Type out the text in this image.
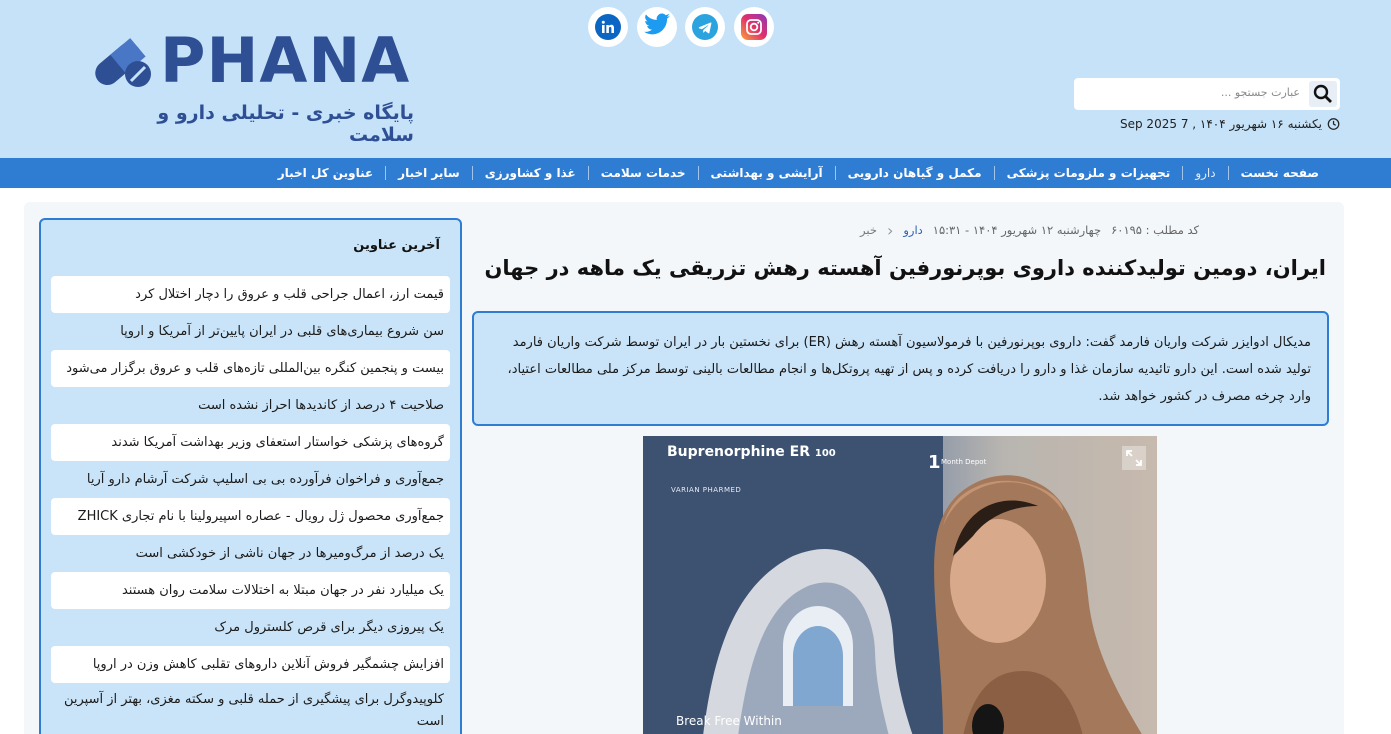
PHANA
پایگاه خبری - تحلیلی دارو و سلامت
عبارت جستجو ...
یکشنبه ۱۶ شهریور ۱۴۰۴ , 7 Sep 2025
صفحه نخست
دارو
تجهیزات و ملزومات پزشکی
مکمل و گیاهان دارویی
آرایشی و بهداشتی
خدمات سلامت
غذا و کشاورزی
سایر اخبار
عناوین کل اخبار
آخرین عناوین
قیمت ارز، اعمال جراحی قلب و عروق را دچار اختلال کرد
سن شروع بیماری‌های قلبی در ایران پایین‌تر از آمریکا و اروپا
بیست و پنجمین کنگره بین‌المللی تازه‌های قلب و عروق برگزار می‌شود
صلاحیت ۴ درصد از کاندیدها احراز نشده است
گروه‌های پزشکی خواستار استعفای وزیر بهداشت آمریکا شدند
جمع‌آوری و فراخوان فرآورده بی بی اسلیپ شرکت آرشام دارو آریا
جمع‌آوری محصول ژل رویال - عصاره اسپیرولینا با نام تجاری ZHICK
یک درصد از مرگ‌ومیرها در جهان ناشی از خودکشی است
یک میلیارد نفر در جهان مبتلا به اختلالات سلامت روان هستند
یک پیروزی دیگر برای قرص کلسترول مرک
افزایش چشمگیر فروش آنلاین داروهای تقلبی کاهش وزن در اروپا
کلوپیدوگرل برای پیشگیری از حمله قلبی و سکته مغزی، بهتر از آسپرین است
خبر ‹ دارو چهارشنبه ۱۲ شهریور ۱۴۰۴ - ۱۵:۳۱ کد مطلب : ۶۰۱۹۵
ایران، دومین تولیدکننده داروی بوپرنورفین آهسته رهش تزریقی یک ماهه در جهان
مدیکال ادوایزر شرکت واریان فارمد گفت: داروی بوپرنورفین با فرمولاسیون آهسته رهش (ER) برای نخستین بار در ایران توسط شرکت واریان فارمد تولید شده است. این دارو تائیدیه سازمان غذا و دارو را دریافت کرده و پس از تهیه پروتکل‌ها و انجام مطالعات بالینی توسط مرکز ملی مطالعات اعتیاد، وارد چرخه مصرف در کشور خواهد شد.
Buprenorphine ER 100
VARIAN PHARMED
1 Month Depot
Break Free Within
